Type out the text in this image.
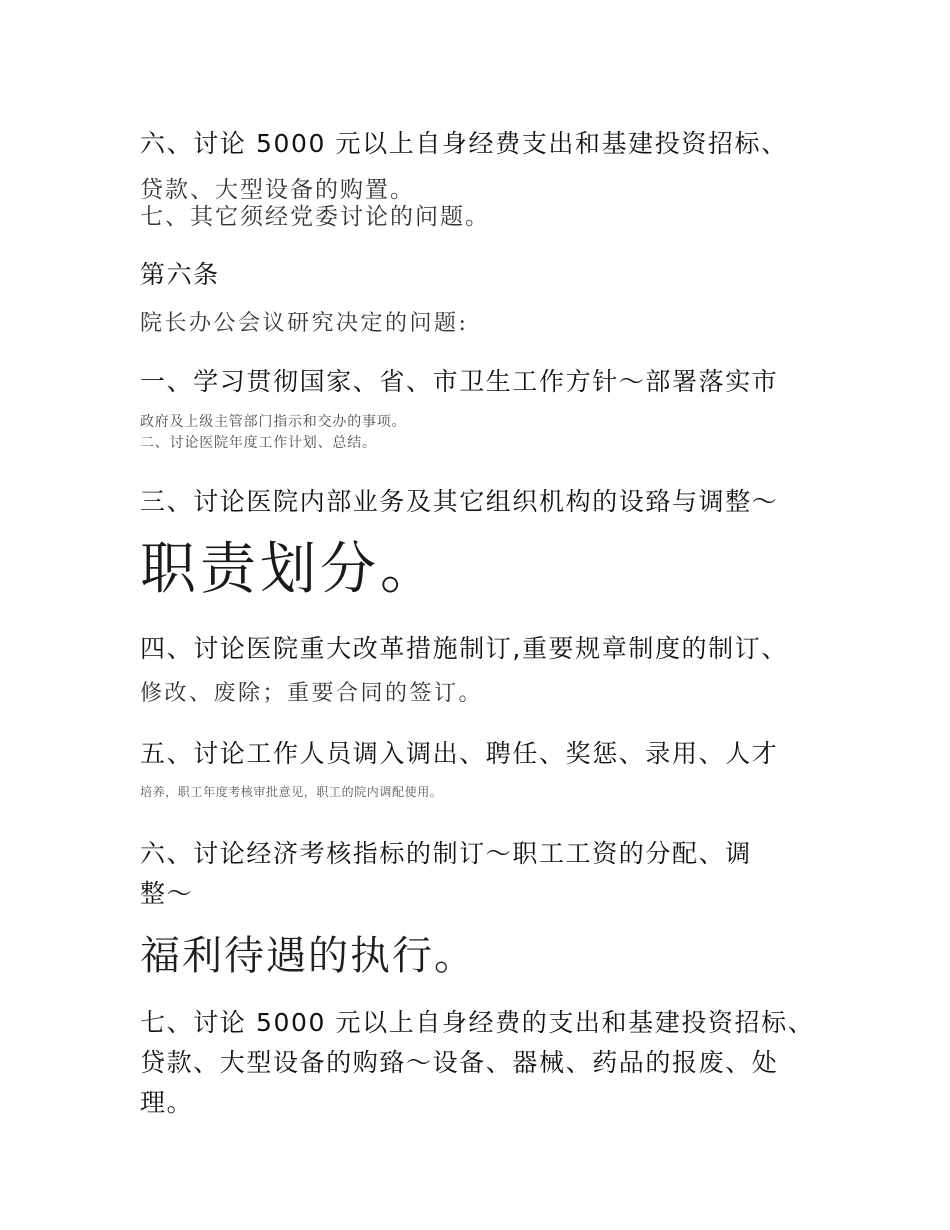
六、讨论 5000 元以上自身经费支出和基建投资招标、

贷款、大型设备的购置。

七、其它须经党委讨论的问题。

第六条

院长办公会议研究决定的问题:

一、学习贯彻国家、省、市卫生工作方针～部署落实市

政府及上级主管部门指示和交办的事项。

二、讨论医院年度工作计划、总结。

三、讨论医院内部业务及其它组织机构的设臵与调整～

职责划分。

四、讨论医院重大改革措施制订,重要规章制度的制订、

修改、废除；重要合同的签订。

五、讨论工作人员调入调出、聘任、奖惩、录用、人才

培养，职工年度考核审批意见，职工的院内调配使用。

六、讨论经济考核指标的制订～职工工资的分配、调

整～

福利待遇的执行。

七、讨论 5000 元以上自身经费的支出和基建投资招标、

贷款、大型设备的购臵～设备、器械、药品的报废、处

理。
